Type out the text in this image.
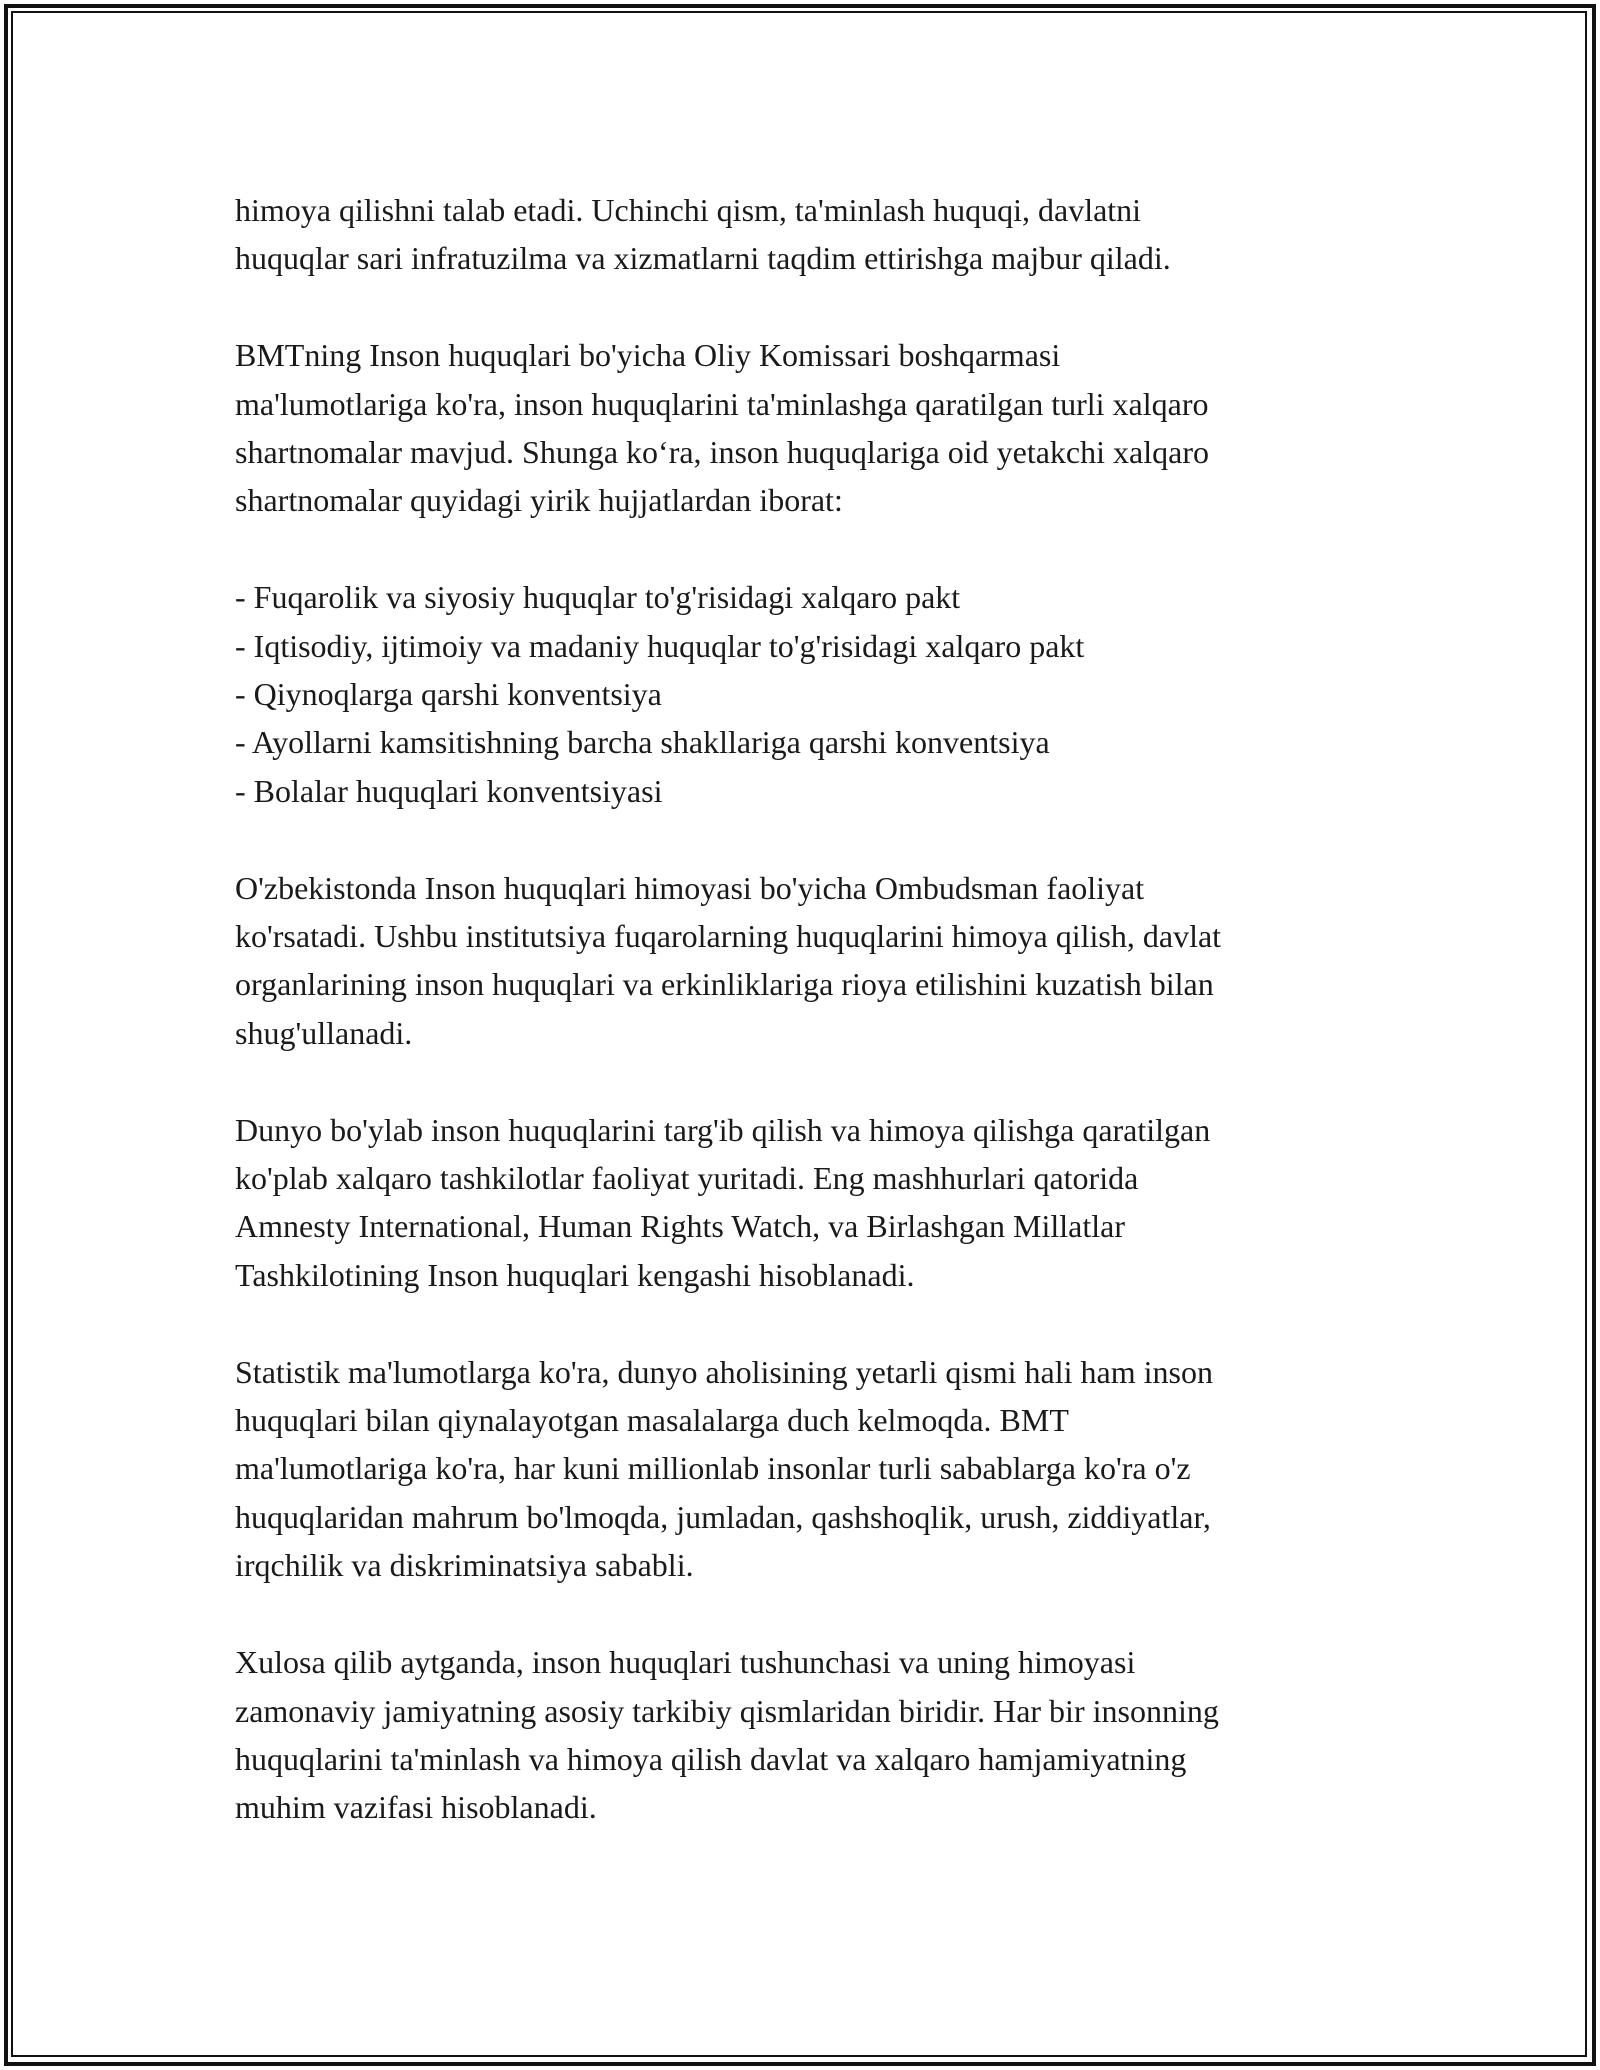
himoya qilishni talab etadi. Uchinchi qism, ta'minlash huquqi, davlatni
huquqlar sari infratuzilma va xizmatlarni taqdim ettirishga majbur qiladi.

BMTning Inson huquqlari bo'yicha Oliy Komissari boshqarmasi
ma'lumotlariga ko'ra, inson huquqlarini ta'minlashga qaratilgan turli xalqaro
shartnomalar mavjud. Shunga ko‘ra, inson huquqlariga oid yetakchi xalqaro
shartnomalar quyidagi yirik hujjatlardan iborat:

- Fuqarolik va siyosiy huquqlar to'g'risidagi xalqaro pakt
- Iqtisodiy, ijtimoiy va madaniy huquqlar to'g'risidagi xalqaro pakt
- Qiynoqlarga qarshi konventsiya
- Ayollarni kamsitishning barcha shakllariga qarshi konventsiya
- Bolalar huquqlari konventsiyasi

O'zbekistonda Inson huquqlari himoyasi bo'yicha Ombudsman faoliyat
ko'rsatadi. Ushbu institutsiya fuqarolarning huquqlarini himoya qilish, davlat
organlarining inson huquqlari va erkinliklariga rioya etilishini kuzatish bilan
shug'ullanadi.

Dunyo bo'ylab inson huquqlarini targ'ib qilish va himoya qilishga qaratilgan
ko'plab xalqaro tashkilotlar faoliyat yuritadi. Eng mashhurlari qatorida
Amnesty International, Human Rights Watch, va Birlashgan Millatlar
Tashkilotining Inson huquqlari kengashi hisoblanadi.

Statistik ma'lumotlarga ko'ra, dunyo aholisining yetarli qismi hali ham inson
huquqlari bilan qiynalayotgan masalalarga duch kelmoqda. BMT
ma'lumotlariga ko'ra, har kuni millionlab insonlar turli sabablarga ko'ra o'z
huquqlaridan mahrum bo'lmoqda, jumladan, qashshoqlik, urush, ziddiyatlar,
irqchilik va diskriminatsiya sababli.

Xulosa qilib aytganda, inson huquqlari tushunchasi va uning himoyasi
zamonaviy jamiyatning asosiy tarkibiy qismlaridan biridir. Har bir insonning
huquqlarini ta'minlash va himoya qilish davlat va xalqaro hamjamiyatning
muhim vazifasi hisoblanadi.
